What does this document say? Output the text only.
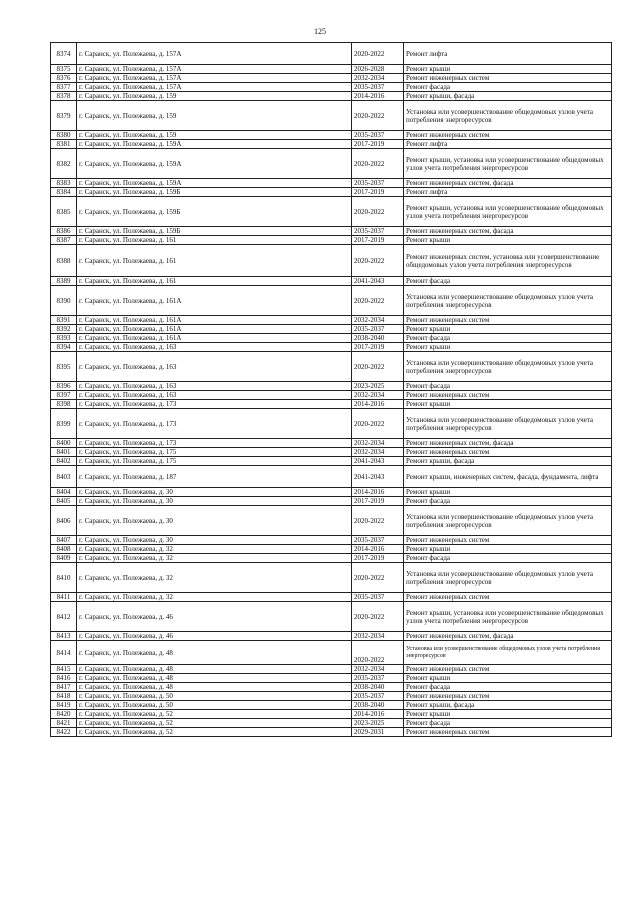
125
8374	г. Саранск, ул. Полежаева, д. 157А	2020-2022	Ремонт лифта
8375	г. Саранск, ул. Полежаева, д. 157А	2026-2028	Ремонт крыши
8376	г. Саранск, ул. Полежаева, д. 157А	2032-2034	Ремонт инженерных систем
8377	г. Саранск, ул. Полежаева, д. 157А	2035-2037	Ремонт фасада
8378	г. Саранск, ул. Полежаева, д. 159	2014-2016	Ремонт крыши, фасада
8379	г. Саранск, ул. Полежаева, д. 159	2020-2022	Установка или усовершенствование общедомовых узлов учета потребления энергоресурсов
8380	г. Саранск, ул. Полежаева, д. 159	2035-2037	Ремонт инженерных систем
8381	г. Саранск, ул. Полежаева, д. 159А	2017-2019	Ремонт лифта
8382	г. Саранск, ул. Полежаева, д. 159А	2020-2022	Ремонт крыши, установка или усовершенствование общедомовых узлов учета потребления энергоресурсов
8383	г. Саранск, ул. Полежаева, д. 159А	2035-2037	Ремонт инженерных систем, фасада
8384	г. Саранск, ул. Полежаева, д. 159Б	2017-2019	Ремонт лифта
8385	г. Саранск, ул. Полежаева, д. 159Б	2020-2022	Ремонт крыши, установка или усовершенствование общедомовых узлов учета потребления энергоресурсов
8386	г. Саранск, ул. Полежаева, д. 159Б	2035-2037	Ремонт инженерных систем, фасада
8387	г. Саранск, ул. Полежаева, д. 161	2017-2019	Ремонт крыши
8388	г. Саранск, ул. Полежаева, д. 161	2020-2022	Ремонт инженерных систем, установка или усовершенствование общедомовых узлов учета потребления энергоресурсов
8389	г. Саранск, ул. Полежаева, д. 161	2041-2043	Ремонт фасада
8390	г. Саранск, ул. Полежаева, д. 161А	2020-2022	Установка или усовершенствование общедомовых узлов учета потребления энергоресурсов
8391	г. Саранск, ул. Полежаева, д. 161А	2032-2034	Ремонт инженерных систем
8392	г. Саранск, ул. Полежаева, д. 161А	2035-2037	Ремонт крыши
8393	г. Саранск, ул. Полежаева, д. 161А	2038-2040	Ремонт фасада
8394	г. Саранск, ул. Полежаева, д. 163	2017-2019	Ремонт крыши
8395	г. Саранск, ул. Полежаева, д. 163	2020-2022	Установка или усовершенствование общедомовых узлов учета потребления энергоресурсов
8396	г. Саранск, ул. Полежаева, д. 163	2023-2025	Ремонт фасада
8397	г. Саранск, ул. Полежаева, д. 163	2032-2034	Ремонт инженерных систем
8398	г. Саранск, ул. Полежаева, д. 173	2014-2016	Ремонт крыши
8399	г. Саранск, ул. Полежаева, д. 173	2020-2022	Установка или усовершенствование общедомовых узлов учета потребления энергоресурсов
8400	г. Саранск, ул. Полежаева, д. 173	2032-2034	Ремонт инженерных систем, фасада
8401	г. Саранск, ул. Полежаева, д. 175	2032-2034	Ремонт инженерных систем
8402	г. Саранск, ул. Полежаева, д. 175	2041-2043	Ремонт крыши, фасада
8403	г. Саранск, ул. Полежаева, д. 187	2041-2043	Ремонт крыши, инженерных систем, фасада, фундамента, лифта
8404	г. Саранск, ул. Полежаева, д. 30	2014-2016	Ремонт крыши
8405	г. Саранск, ул. Полежаева, д. 30	2017-2019	Ремонт фасада
8406	г. Саранск, ул. Полежаева, д. 30	2020-2022	Установка или усовершенствование общедомовых узлов учета потребления энергоресурсов
8407	г. Саранск, ул. Полежаева, д. 30	2035-2037	Ремонт инженерных систем
8408	г. Саранск, ул. Полежаева, д. 32	2014-2016	Ремонт крыши
8409	г. Саранск, ул. Полежаева, д. 32	2017-2019	Ремонт фасада
8410	г. Саранск, ул. Полежаева, д. 32	2020-2022	Установка или усовершенствование общедомовых узлов учета потребления энергоресурсов
8411	г. Саранск, ул. Полежаева, д. 32	2035-2037	Ремонт инженерных систем
8412	г. Саранск, ул. Полежаева, д. 46	2020-2022	Ремонт крыши, установка или усовершенствование общедомовых узлов учета потребления энергоресурсов
8413	г. Саранск, ул. Полежаева, д. 46	2032-2034	Ремонт инженерных систем, фасада
8414	г. Саранск, ул. Полежаева, д. 48	2020-2022	Установка или усовершенствование общедомовых узлов учета потребления энергоресурсов
8415	г. Саранск, ул. Полежаева, д. 48	2032-2034	Ремонт инженерных систем
8416	г. Саранск, ул. Полежаева, д. 48	2035-2037	Ремонт крыши
8417	г. Саранск, ул. Полежаева, д. 48	2038-2040	Ремонт фасада
8418	г. Саранск, ул. Полежаева, д. 50	2035-2037	Ремонт инженерных систем
8419	г. Саранск, ул. Полежаева, д. 50	2038-2040	Ремонт крыши, фасада
8420	г. Саранск, ул. Полежаева, д. 52	2014-2016	Ремонт крыши
8421	г. Саранск, ул. Полежаева, д. 52	2023-2025	Ремонт фасада
8422	г. Саранск, ул. Полежаева, д. 52	2029-2031	Ремонт инженерных систем
